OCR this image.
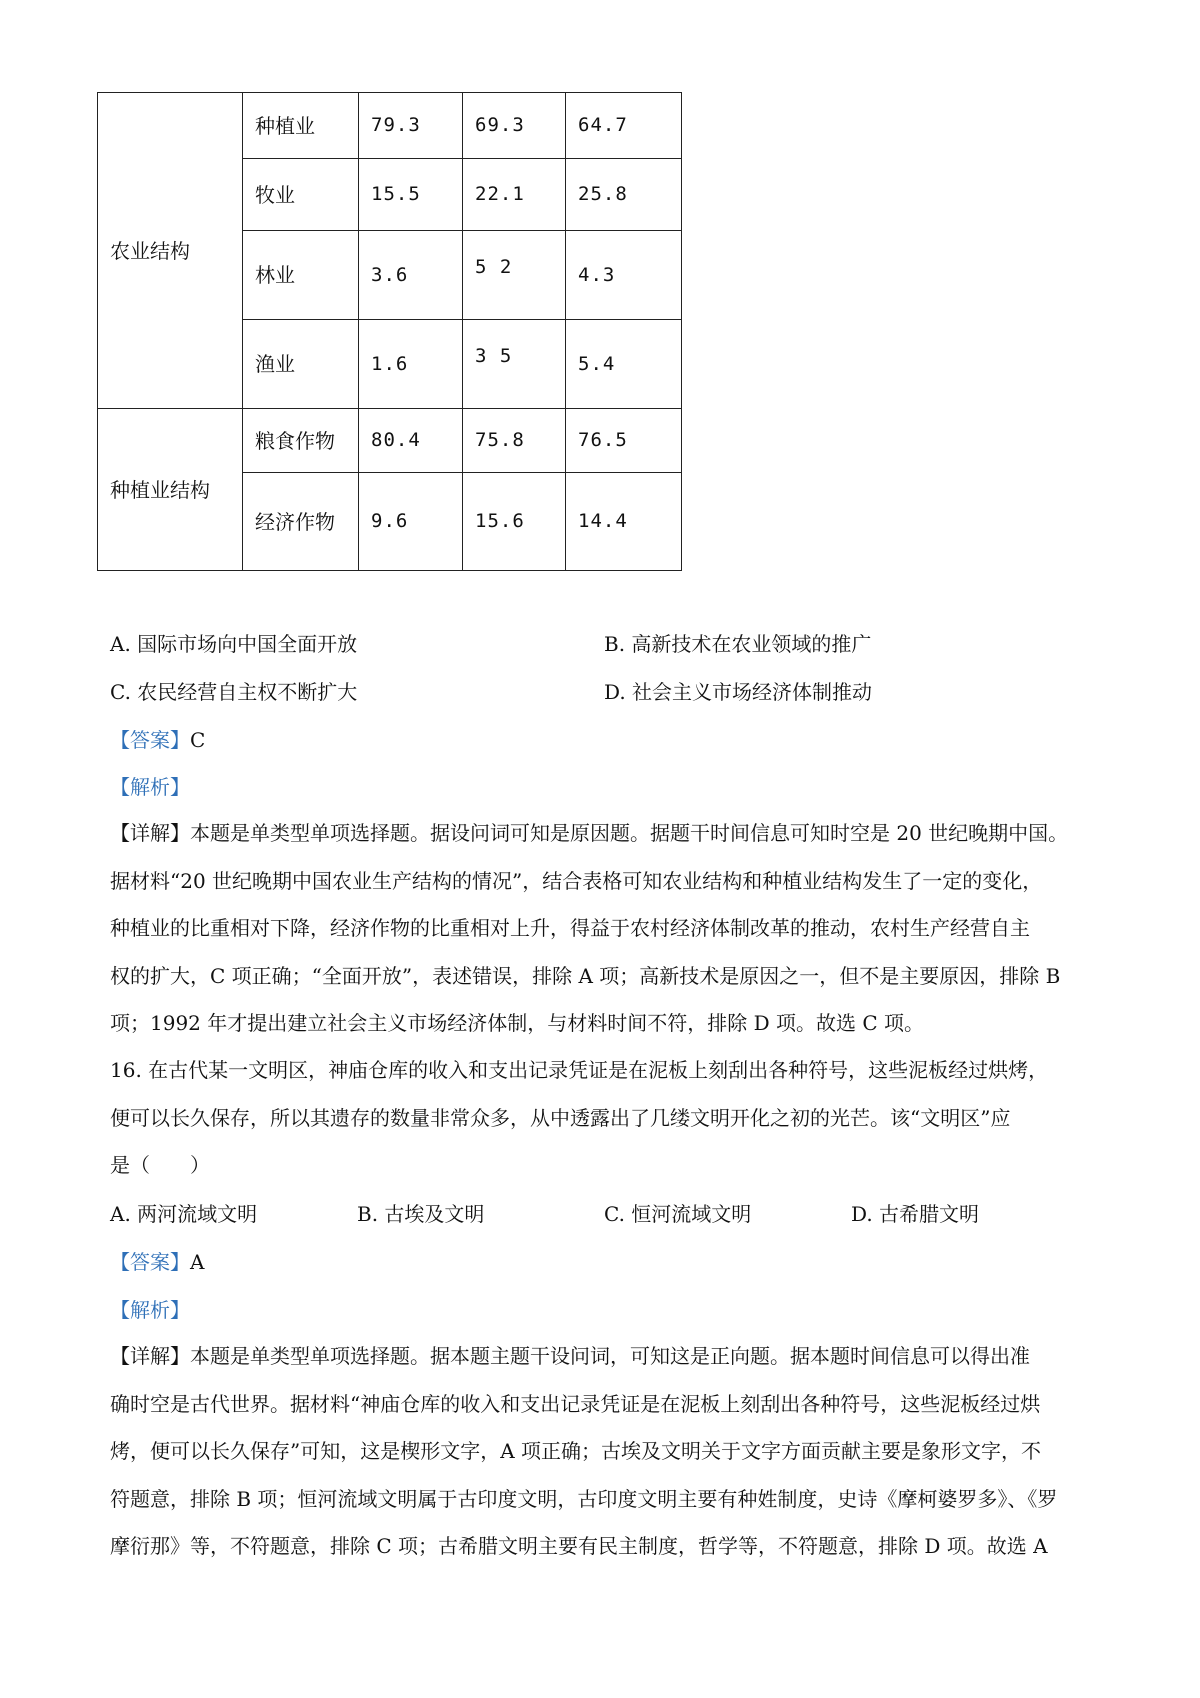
农业结构	种植业	79.3	69.3	64.7
	牧业	15.5	22.1	25.8
	林业	3.6	5 2	4.3
	渔业	1.6	3 5	5.4
种植业结构	粮食作物	80.4	75.8	76.5
	经济作物	9.6	15.6	14.4
A. 国际市场向中国全面开放	B. 高新技术在农业领域的推广
C. 农民经营自主权不断扩大	D. 社会主义市场经济体制推动
【答案】C
【解析】

【详解】本题是单类型单项选择题。据设问词可知是原因题。据题干时间信息可知时空是 20 世纪晚期中国。

据材料“20 世纪晚期中国农业生产结构的情况”，结合表格可知农业结构和种植业结构发生了一定的变化，

种植业的比重相对下降，经济作物的比重相对上升，得益于农村经济体制改革的推动，农村生产经营自主

权的扩大，C 项正确；“全面开放”，表述错误，排除 A 项；高新技术是原因之一，但不是主要原因，排除 B

项；1992 年才提出建立社会主义市场经济体制，与材料时间不符，排除 D 项。故选 C 项。

16. 在古代某一文明区，神庙仓库的收入和支出记录凭证是在泥板上刻刮出各种符号，这些泥板经过烘烤，

便可以长久保存，所以其遗存的数量非常众多，从中透露出了几缕文明开化之初的光芒。该“文明区”应

是（　　）

A. 两河流域文明	B. 古埃及文明	C. 恒河流域文明	D. 古希腊文明
【答案】A
【解析】

【详解】本题是单类型单项选择题。据本题主题干设问词，可知这是正向题。据本题时间信息可以得出准

确时空是古代世界。据材料“神庙仓库的收入和支出记录凭证是在泥板上刻刮出各种符号，这些泥板经过烘

烤，便可以长久保存”可知，这是楔形文字，A 项正确；古埃及文明关于文字方面贡献主要是象形文字，不

符题意，排除 B 项；恒河流域文明属于古印度文明，古印度文明主要有种姓制度，史诗《摩柯婆罗多》、《罗

摩衍那》等，不符题意，排除 C 项；古希腊文明主要有民主制度，哲学等，不符题意，排除 D 项。故选 A
